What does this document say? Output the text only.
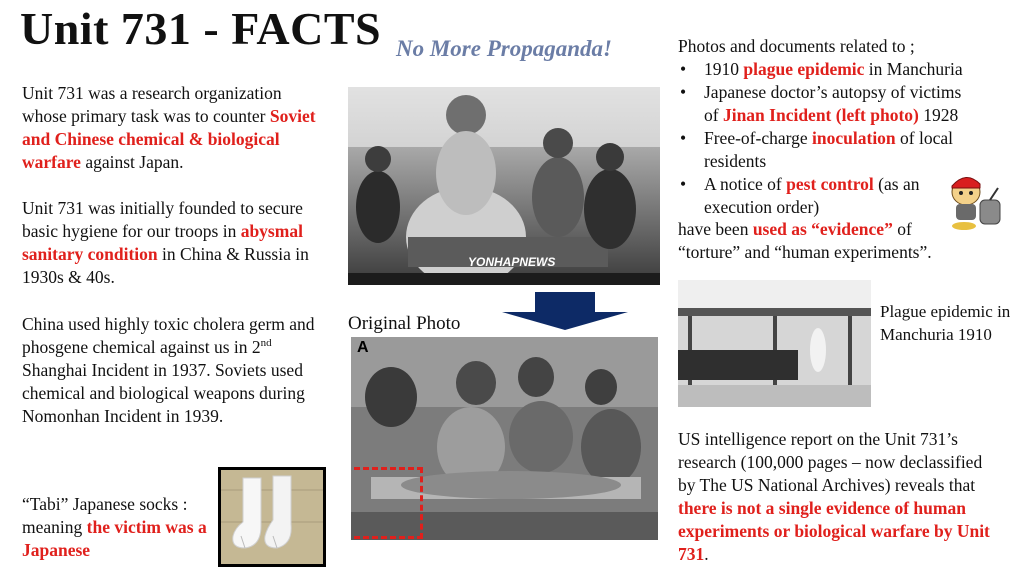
Unit 731 - FACTS No More Propaganda!
Unit 731 was a research organization whose primary task was to counter Soviet and Chinese chemical & biological warfare against Japan.
Unit 731 was initially founded to secure basic hygiene for our troops in abysmal sanitary condition in China & Russia in 1930s & 40s.
China used highly toxic cholera germ and phosgene chemical against us in 2nd Shanghai Incident in 1937. Soviets used chemical and biological weapons during Nomonhan Incident in 1939.
“Tabi” Japanese socks : meaning the victim was a Japanese
YONHAPNEWS
Original Photo
A
Photos and documents related to ;
• 1910 plague epidemic in Manchuria
• Japanese doctor’s autopsy of victims of Jinan Incident (left photo) 1928
• Free-of-charge inoculation of local residents
• A notice of pest control (as an execution order)
have been used as “evidence” of “torture” and “human experiments”.
Plague epidemic in Manchuria 1910
US intelligence report on the Unit 731’s research (100,000 pages – now declassified by The US National Archives) reveals that there is not a single evidence of human experiments or biological warfare by Unit 731.
